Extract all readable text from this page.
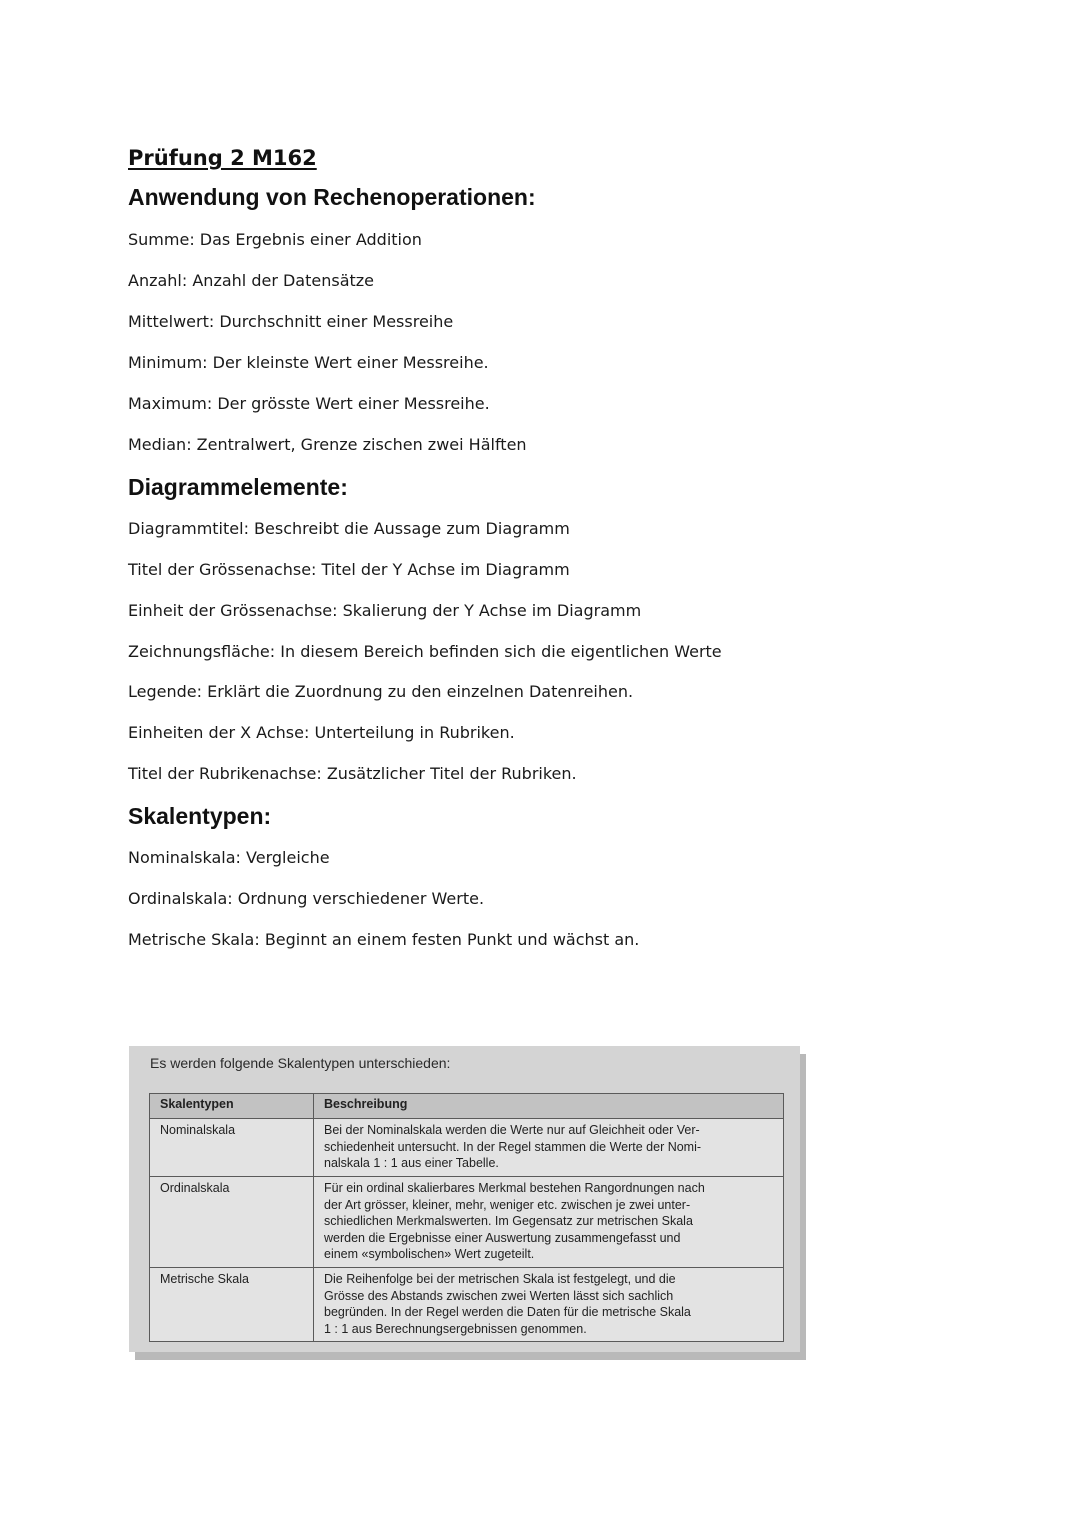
Prüfung 2 M162
Anwendung von Rechenoperationen:

Summe: Das Ergebnis einer Addition

Anzahl: Anzahl der Datensätze

Mittelwert: Durchschnitt einer Messreihe

Minimum: Der kleinste Wert einer Messreihe.

Maximum: Der grösste Wert einer Messreihe.

Median: Zentralwert, Grenze zischen zwei Hälften

Diagrammelemente:

Diagrammtitel: Beschreibt die Aussage zum Diagramm

Titel der Grössenachse: Titel der Y Achse im Diagramm

Einheit der Grössenachse: Skalierung der Y Achse im Diagramm

Zeichnungsfläche: In diesem Bereich befinden sich die eigentlichen Werte

Legende: Erklärt die Zuordnung zu den einzelnen Datenreihen.

Einheiten der X Achse: Unterteilung in Rubriken.

Titel der Rubrikenachse: Zusätzlicher Titel der Rubriken.

Skalentypen:

Nominalskala: Vergleiche

Ordinalskala: Ordnung verschiedener Werte.

Metrische Skala: Beginnt an einem festen Punkt und wächst an.

Es werden folgende Skalentypen unterschieden:
Skalentypen	Beschreibung
Nominalskala	Bei der Nominalskala werden die Werte nur auf Gleichheit oder Ver-
schiedenheit untersucht. In der Regel stammen die Werte der Nomi-
nalskala 1 : 1 aus einer Tabelle.

Ordinalskala	Für ein ordinal skalierbares Merkmal bestehen Rangordnungen nach
der Art grösser, kleiner, mehr, weniger etc. zwischen je zwei unter-
schiedlichen Merkmalswerten. Im Gegensatz zur metrischen Skala
werden die Ergebnisse einer Auswertung zusammengefasst und
einem «symbolischen» Wert zugeteilt.

Metrische Skala	Die Reihenfolge bei der metrischen Skala ist festgelegt, und die
Grösse des Abstands zwischen zwei Werten lässt sich sachlich
begründen. In der Regel werden die Daten für die metrische Skala
1 : 1 aus Berechnungsergebnissen genommen.
